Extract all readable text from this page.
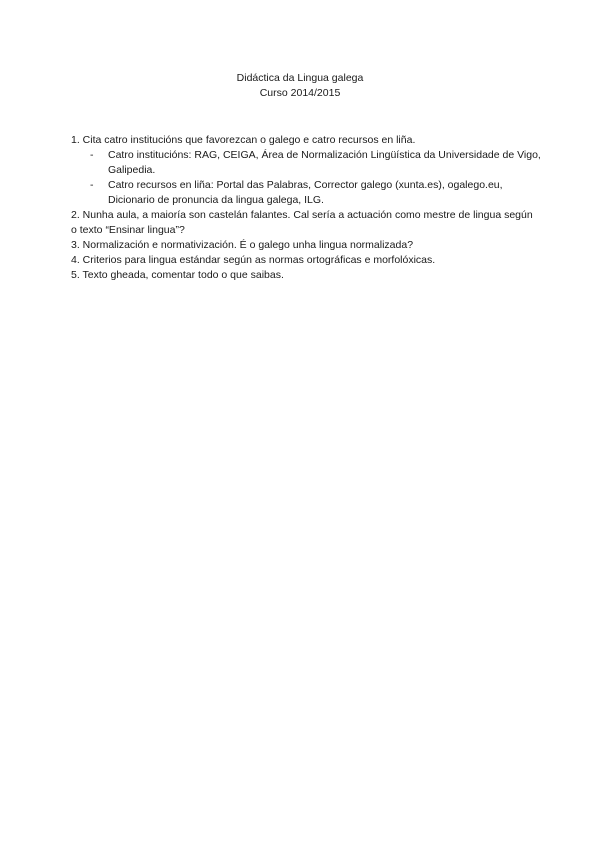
Didáctica da Lingua galega
Curso 2014/2015

1. Cita catro institucións que favorezcan o galego e catro recursos en liña.

- Catro institucións: RAG, CEIGA, Área de Normalización Lingüística da Universidade de Vigo, Galipedia.

- Catro recursos en liña: Portal das Palabras, Corrector galego (xunta.es), ogalego.eu, Dicionario de pronuncia da lingua galega, ILG.

2. Nunha aula, a maioría son castelán falantes. Cal sería a actuación como mestre de lingua según o texto “Ensinar lingua”?

3. Normalización e normativización. É o galego unha lingua normalizada?

4. Criterios para lingua estándar según as normas ortográficas e morfolóxicas.

5. Texto gheada, comentar todo o que saibas.
